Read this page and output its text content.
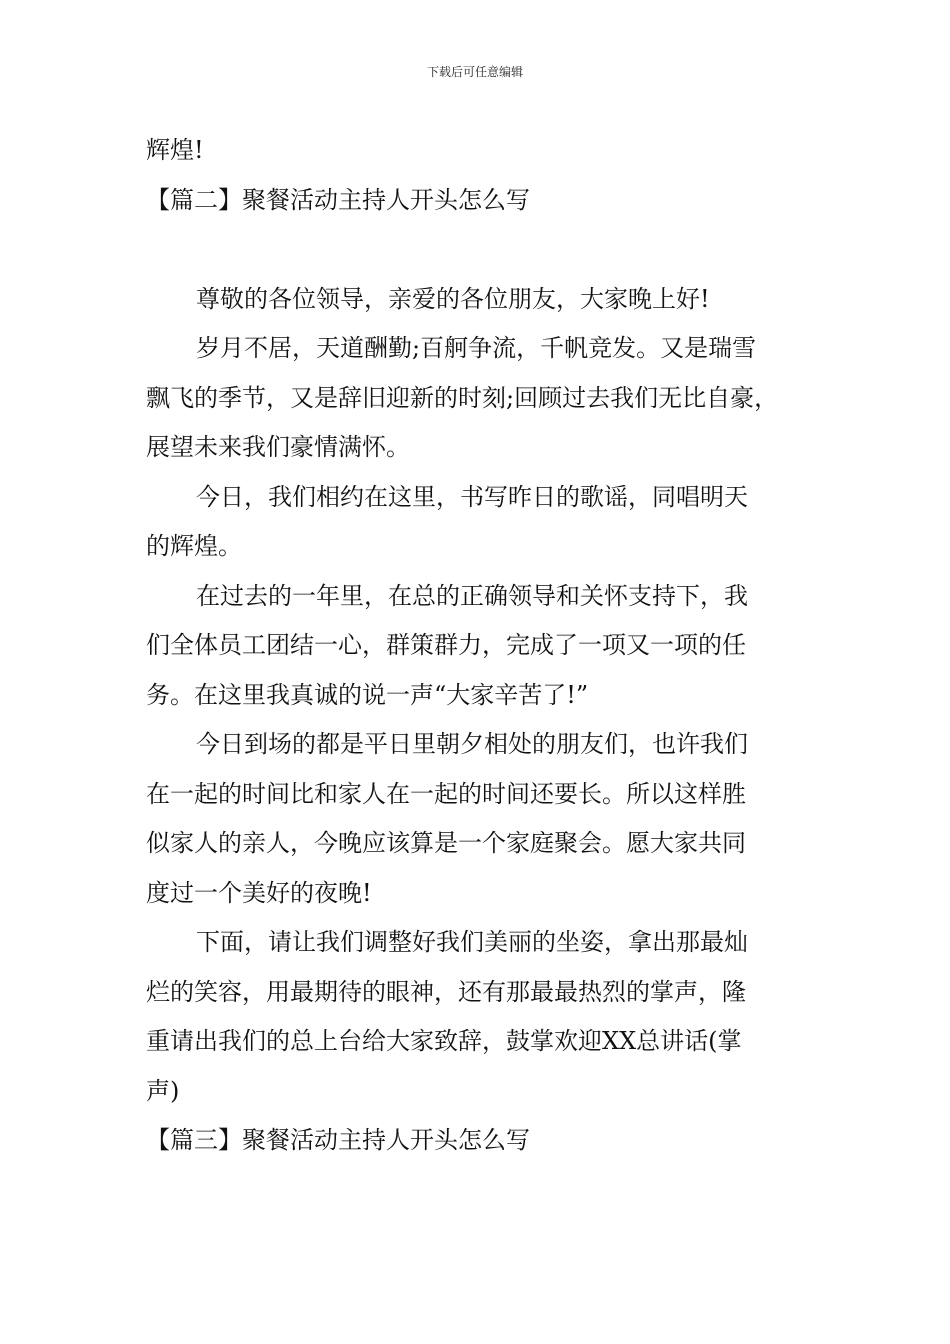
下载后可任意编辑
辉煌!
【篇二】聚餐活动主持人开头怎么写
尊敬的各位领导，亲爱的各位朋友，大家晚上好!
岁月不居，天道酬勤;百舸争流，千帆竞发。又是瑞雪
飘飞的季节，又是辞旧迎新的时刻;回顾过去我们无比自豪，
展望未来我们豪情满怀。
今日，我们相约在这里，书写昨日的歌谣，同唱明天
的辉煌。
在过去的一年里，在总的正确领导和关怀支持下，我
们全体员工团结一心，群策群力，完成了一项又一项的任
务。在这里我真诚的说一声“大家辛苦了!”
今日到场的都是平日里朝夕相处的朋友们，也许我们
在一起的时间比和家人在一起的时间还要长。所以这样胜
似家人的亲人，今晚应该算是一个家庭聚会。愿大家共同
度过一个美好的夜晚!
下面，请让我们调整好我们美丽的坐姿，拿出那最灿
烂的笑容，用最期待的眼神，还有那最最热烈的掌声，隆
重请出我们的总上台给大家致辞，鼓掌欢迎XX总讲话(掌
声)
【篇三】聚餐活动主持人开头怎么写
